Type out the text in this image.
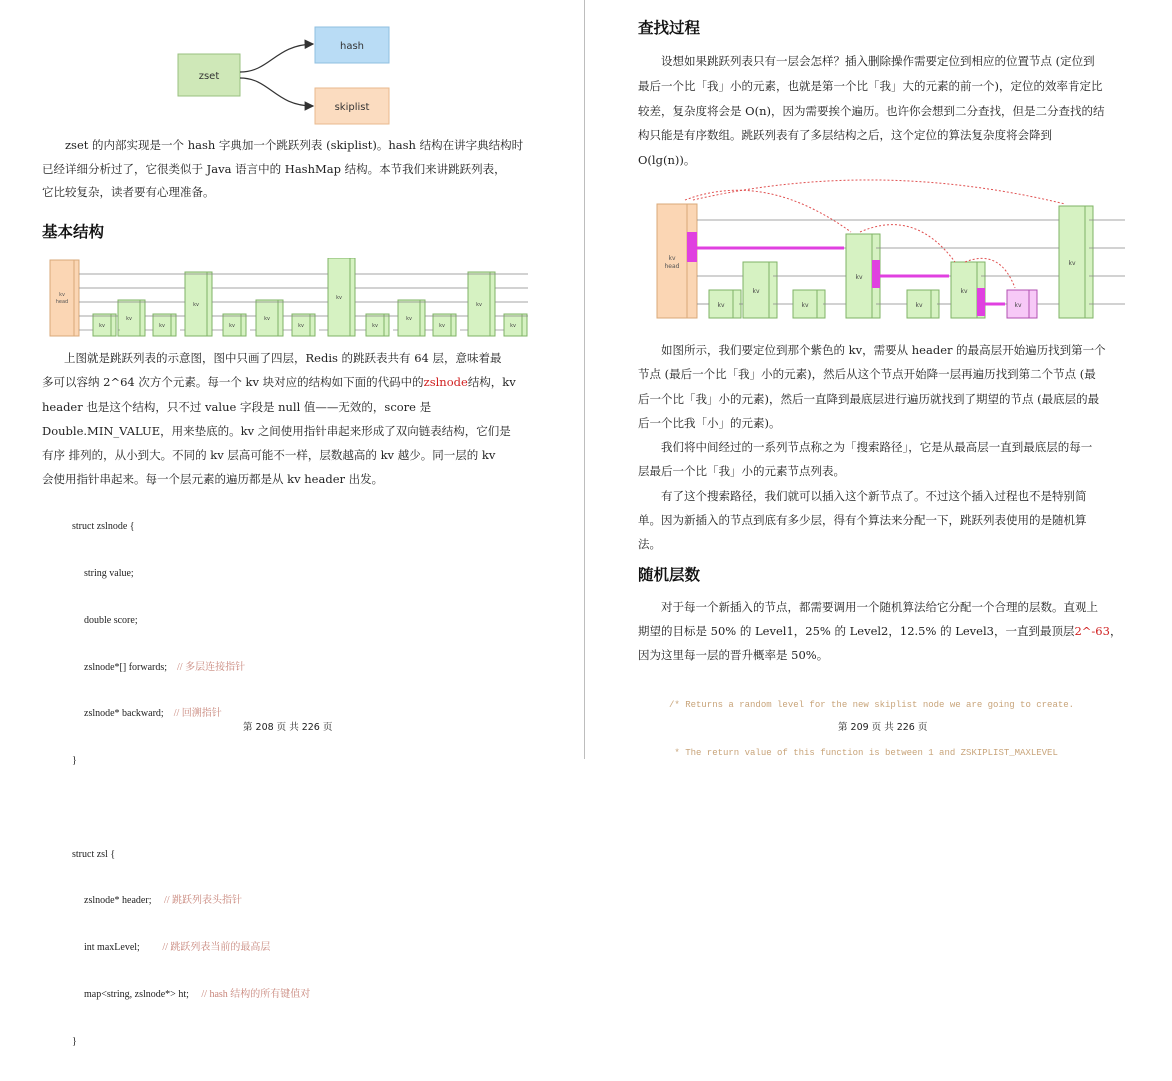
zset
hash
skiplist
zset 的内部实现是一个 hash 字典加一个跳跃列表 (skiplist)。hash 结构在讲字典结构时
已经详细分析过了，它很类似于 Java 语言中的 HashMap 结构。本节我们来讲跳跃列表，
它比较复杂，读者要有心理准备。
基本结构
kv
head
kv
kv
kv
kv
kv
kv
kv
kv
kv
kv
kv
kv
kv
上图就是跳跃列表的示意图，图中只画了四层，Redis 的跳跃表共有 64 层，意味着最
多可以容纳 2^64 次方个元素。每一个 kv 块对应的结构如下面的代码中的zslnode结构，kv
header 也是这个结构，只不过 value 字段是 null 值——无效的，score 是
Double.MIN_VALUE，用来垫底的。kv 之间使用指针串起来形成了双向链表结构，它们是
有序 排列的，从小到大。不同的 kv 层高可能不一样，层数越高的 kv 越少。同一层的 kv
会使用指针串起来。每一个层元素的遍历都是从 kv header 出发。

struct zslnode {

string value;

double score;

zslnode*[] forwards; // 多层连接指针

zslnode* backward; // 回溯指针

}

struct zsl {

zslnode* header; // 跳跃列表头指针

int maxLevel; // 跳跃列表当前的最高层

map<string, zslnode*> ht; // hash 结构的所有键值对

}

第 208 页 共 226 页
查找过程
设想如果跳跃列表只有一层会怎样？插入删除操作需要定位到相应的位置节点 (定位到
最后一个比「我」小的元素，也就是第一个比「我」大的元素的前一个)，定位的效率肯定比
较差，复杂度将会是 O(n)，因为需要挨个遍历。也许你会想到二分查找，但是二分查找的结
构只能是有序数组。跳跃列表有了多层结构之后，这个定位的算法复杂度将会降到
O(lg(n))。
kv
head
kv
kv
kv
kv
kv
kv
kv
kv
如图所示，我们要定位到那个紫色的 kv，需要从 header 的最高层开始遍历找到第一个
节点 (最后一个比「我」小的元素)，然后从这个节点开始降一层再遍历找到第二个节点 (最
后一个比「我」小的元素)，然后一直降到最底层进行遍历就找到了期望的节点 (最底层的最
后一个比我「小」的元素)。
我们将中间经过的一系列节点称之为「搜索路径」，它是从最高层一直到最底层的每一
层最后一个比「我」小的元素节点列表。
有了这个搜索路径，我们就可以插入这个新节点了。不过这个插入过程也不是特别简
单。因为新插入的节点到底有多少层，得有个算法来分配一下，跳跃列表使用的是随机算
法。
随机层数
对于每一个新插入的节点，都需要调用一个随机算法给它分配一个合理的层数。直观上
期望的目标是 50% 的 Level1，25% 的 Level2，12.5% 的 Level3，一直到最顶层2^-63，
因为这里每一层的晋升概率是 50%。

/* Returns a random level for the new skiplist node we are going to create.

* The return value of this function is between 1 and ZSKIPLIST_MAXLEVEL

第 209 页 共 226 页
